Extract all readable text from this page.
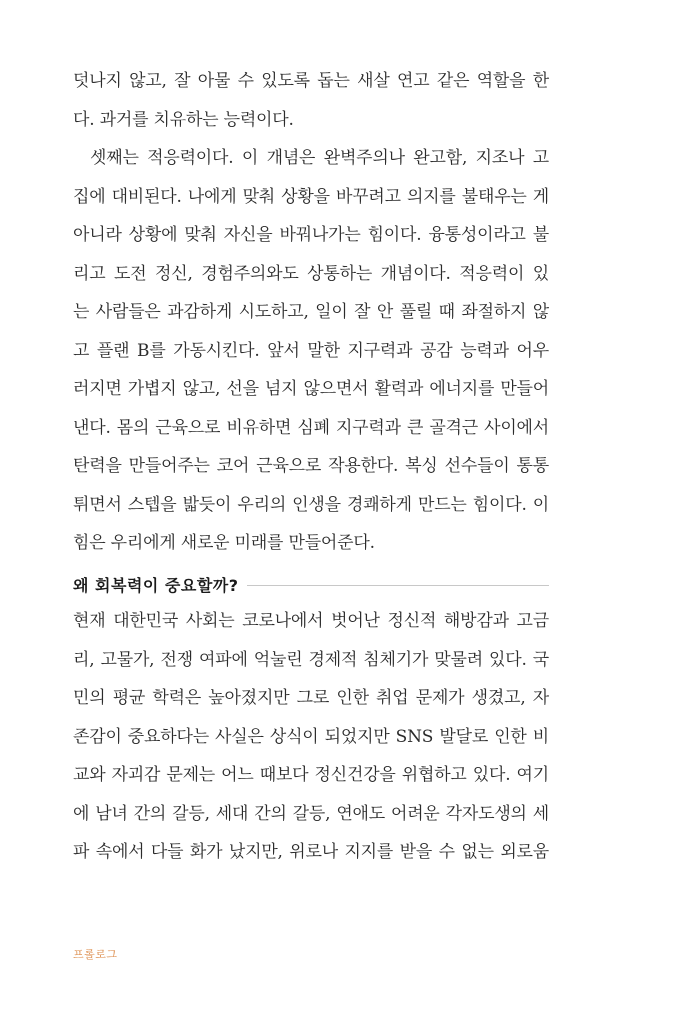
덧나지 않고, 잘 아물 수 있도록 돕는 새살 연고 같은 역할을 한
다. 과거를 치유하는 능력이다.
셋째는 적응력이다. 이 개념은 완벽주의나 완고함, 지조나 고
집에 대비된다. 나에게 맞춰 상황을 바꾸려고 의지를 불태우는 게
아니라 상황에 맞춰 자신을 바꿔나가는 힘이다. 융통성이라고 불
리고 도전 정신, 경험주의와도 상통하는 개념이다. 적응력이 있
는 사람들은 과감하게 시도하고, 일이 잘 안 풀릴 때 좌절하지 않
고 플랜 B를 가동시킨다. 앞서 말한 지구력과 공감 능력과 어우
러지면 가볍지 않고, 선을 넘지 않으면서 활력과 에너지를 만들어
낸다. 몸의 근육으로 비유하면 심폐 지구력과 큰 골격근 사이에서
탄력을 만들어주는 코어 근육으로 작용한다. 복싱 선수들이 통통
튀면서 스텝을 밟듯이 우리의 인생을 경쾌하게 만드는 힘이다. 이
힘은 우리에게 새로운 미래를 만들어준다.
왜 회복력이 중요할까?
현재 대한민국 사회는 코로나에서 벗어난 정신적 해방감과 고금
리, 고물가, 전쟁 여파에 억눌린 경제적 침체기가 맞물려 있다. 국
민의 평균 학력은 높아졌지만 그로 인한 취업 문제가 생겼고, 자
존감이 중요하다는 사실은 상식이 되었지만 SNS 발달로 인한 비
교와 자괴감 문제는 어느 때보다 정신건강을 위협하고 있다. 여기
에 남녀 간의 갈등, 세대 간의 갈등, 연애도 어려운 각자도생의 세
파 속에서 다들 화가 났지만, 위로나 지지를 받을 수 없는 외로움
프롤로그
